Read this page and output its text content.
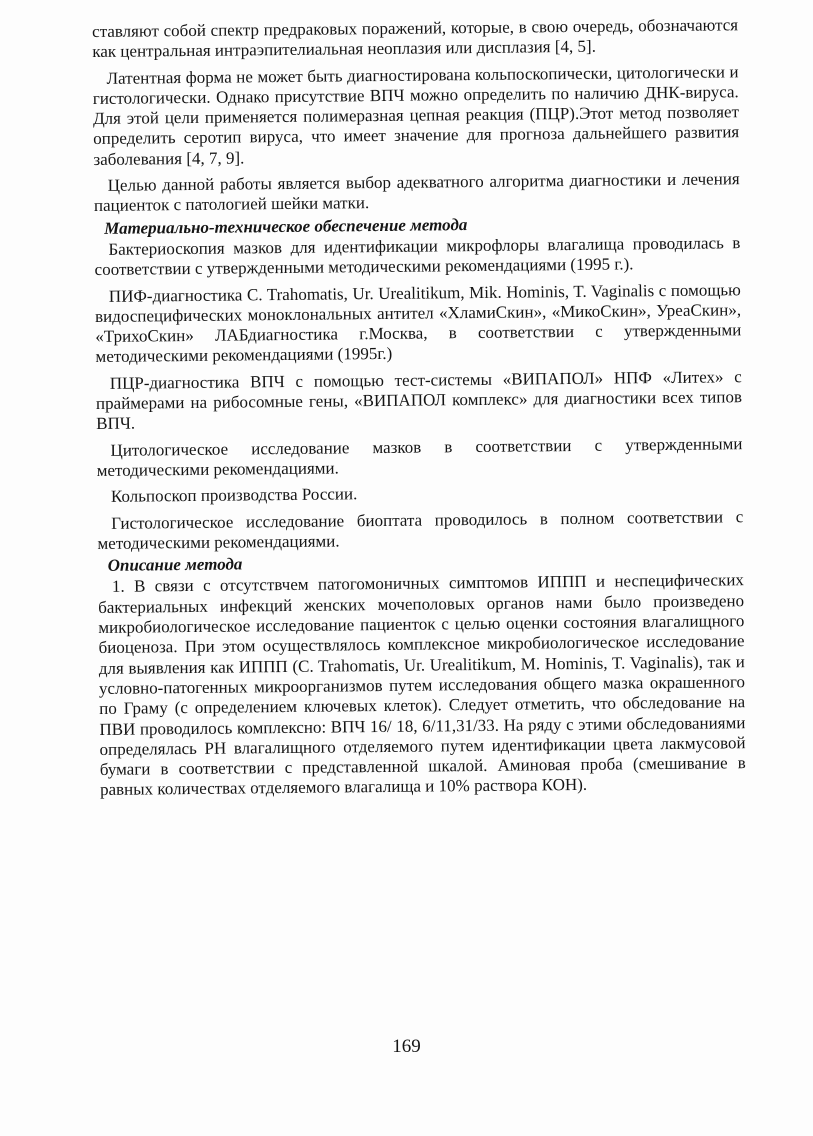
ставляют собой спектр предраковых поражений, которые, в свою очередь, обозначаются как центральная интраэпителиальная неоплазия или дисплазия [4, 5].

Латентная форма не может быть диагностирована кольпоскопически, цитологически и гистологически. Однако присутствие ВПЧ можно определить по наличию ДНК-вируса. Для этой цели применяется полимеразная цепная реакция (ПЦР).Этот метод позволяет определить серотип вируса, что имеет значение для прогноза дальнейшего развития заболевания [4, 7, 9].

Целью данной работы является выбор адекватного алгоритма диагностики и лечения пациенток с патологией шейки матки.

Материально-техническое обеспечение метода

Бактериоскопия мазков для идентификации микрофлоры влагалища проводилась в соответствии с утвержденными методическими рекомендациями (1995 г.).

ПИФ-диагностика C. Trahomatis, Ur. Urealitikum, Mik. Hominis, T. Vaginalis с помощью видоспецифических моноклональных антител «ХламиСкин», «МикоСкин», УреаСкин», «ТрихоСкин» ЛАБдиагностика г.Москва, в соответствии с утвержденными методическими рекомендациями (1995г.)

ПЦР-диагностика ВПЧ с помощью тест-системы «ВИПАПОЛ» НПФ «Литех» с праймерами на рибосомные гены, «ВИПАПОЛ комплекс» для диагностики всех типов ВПЧ.

Цитологическое исследование мазков в соответствии с утвержденными методическими рекомендациями.

Кольпоскоп производства России.

Гистологическое исследование биоптата проводилось в полном соответствии с методическими рекомендациями.

Описание метода

1. В связи с отсутствчем патогомоничных симптомов ИППП и неспецифических бактериальных инфекций женских мочеполовых органов нами было произведено микробиологическое исследование пациенток с целью оценки состояния влагалищного биоценоза. При этом осуществлялось комплексное микробиологическое исследование для выявления как ИППП (C. Trahomatis, Ur. Urealitikum, M. Hominis, T. Vaginalis), так и условно-патогенных микроорганизмов путем исследования общего мазка окрашенного по Граму (с определением ключевых клеток). Следует отметить, что обследование на ПВИ проводилось комплексно: ВПЧ 16/ 18, 6/11,31/33. На ряду с этими обследованиями определялась РН влагалищного отделяемого путем идентификации цвета лакмусовой бумаги в соответствии с представленной шкалой. Аминовая проба (смешивание в равных количествах отделяемого влагалища и 10% раствора КОН).

169
